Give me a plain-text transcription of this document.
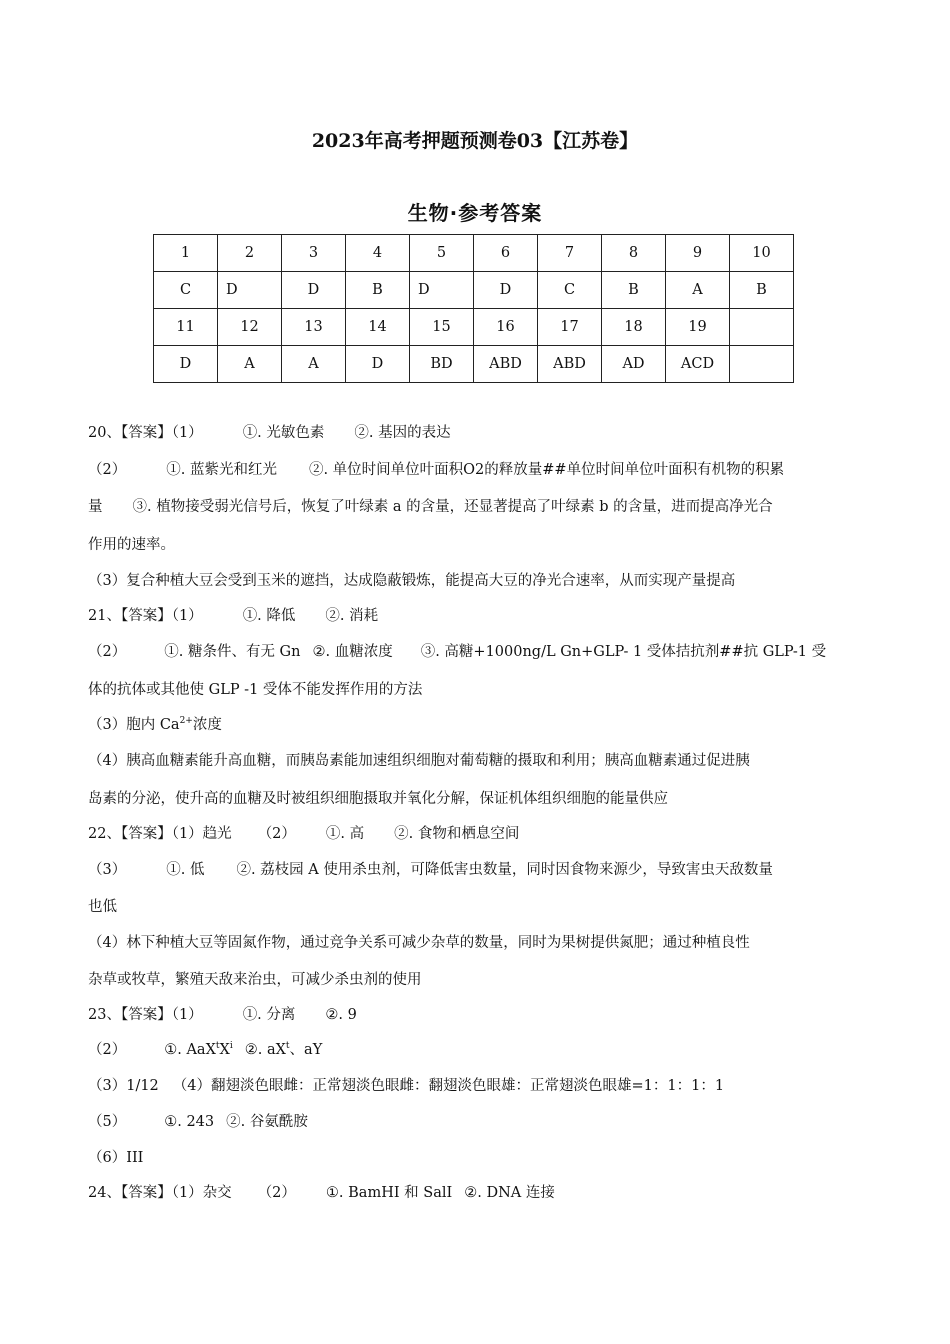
2023年高考押题预测卷03【江苏卷】
生物·参考答案
1	2	3	4	5	6	7	8	9	10
C	D	D	B	D	D	C	B	A	B
11	12	13	14	15	16	17	18	19	
D	A	A	D	BD	ABD	ABD	AD	ACD	
20、【答案】（1）	①. 光敏色素 ②. 基因的表达
（2）	①. 蓝紫光和红光 ②. 单位时间单位叶面积O2的释放量##单位时间单位叶面积有机物的积累
量 ③. 植物接受弱光信号后，恢复了叶绿素 a 的含量，还显著提高了叶绿素 b 的含量，进而提高净光合
作用的速率。
（3）复合种植大豆会受到玉米的遮挡，达成隐蔽锻炼，能提高大豆的净光合速率，从而实现产量提高
21、【答案】（1）	①. 降低 ②. 消耗
（2）	①. 糖条件、有无 Gn ②. 血糖浓度 ③. 高糖+1000ng/L Gn+GLP- 1 受体拮抗剂##抗 GLP-1 受
体的抗体或其他使 GLP -1 受体不能发挥作用的方法
（3）胞内 $Ca^{2+}$浓度
（4）胰高血糖素能升高血糖，而胰岛素能加速组织细胞对葡萄糖的摄取和利用；胰高血糖素通过促进胰
岛素的分泌，使升高的血糖及时被组织细胞摄取并氧化分解，保证机体组织细胞的能量供应
22、【答案】（1）趋光 （2） ①. 高 ②. 食物和栖息空间
（3）	①. 低 ②. 荔枝园 A 使用杀虫剂，可降低害虫数量，同时因食物来源少，导致害虫天敌数量
也低
（4）林下种植大豆等固氮作物，通过竞争关系可减少杂草的数量，同时为果树提供氮肥；通过种植良性
杂草或牧草，繁殖天敌来治虫，可减少杀虫剂的使用
23、【答案】（1）	①. 分离 ②. 9
（2）	①. $AaX^tX^i$ ②. $aX^t$、aY
（3）1/12 （4）翻翅淡色眼雌：正常翅淡色眼雌：翻翅淡色眼雄：正常翅淡色眼雄=1：1：1：1
（5）	①. 243 ②. 谷氨酰胺
（6）III
24、【答案】（1）杂交 （2） ①. BamHI 和 SalI ②. DNA 连接
